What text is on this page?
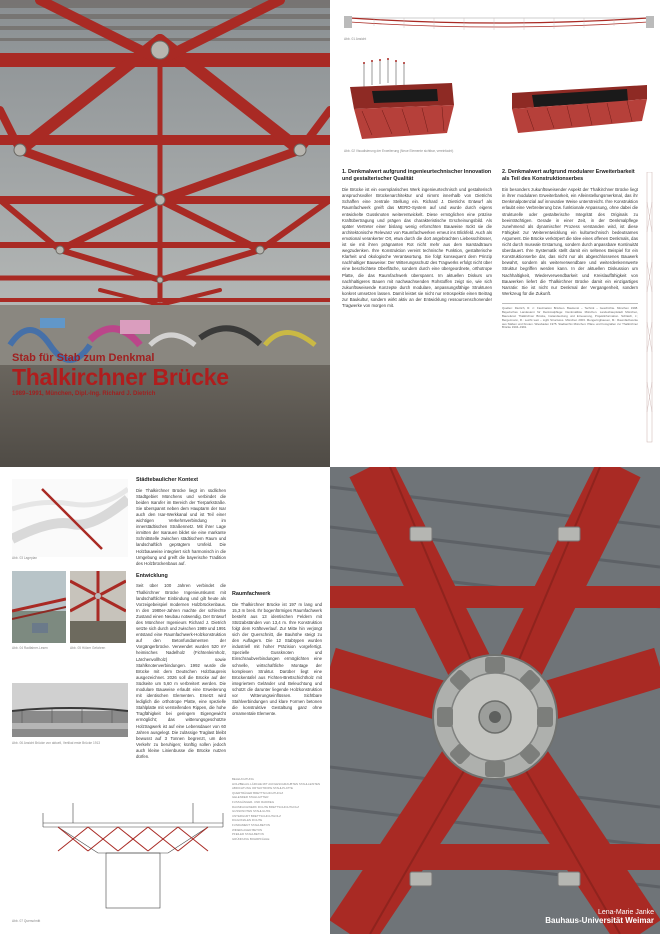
Stab für Stab zum Denkmal
Thalkirchner Brücke
1989–1991, München, Dipl.-Ing. Richard J. Dietrich
Abb. 01 Ansicht
Abb. 02 Visualisierung der Erweiterung (Neue Elemente sichtbar, vereinfacht)
1. Denkmalwert aufgrund ingenieurtechnischer Innovation und gestalterischer Qualität
Die Brücke ist ein exemplarisches Werk ingenieurtechnisch und gestalterisch anspruchsvoller Brückenarchitektur und nimmt innerhalb von Dietrichs Schaffen eine zentrale Stellung ein. Richard J. Dietrichs Entwurf als Raumfachwerk greift das MERO-System auf und wurde durch eigens entwickelte Gussknoten weiterentwickelt. Diese ermöglichen eine präzise Kraftübertragung und prägen das charakteristische Erscheinungsbild. Als später Vertreter einer bislang wenig erforschten Bauweise rückt sie die architektonische Relevanz von Raumfachwerken erneut ins Blickfeld. Auch als emotional verankerter Ort, etwa durch die dort angebrachten Liebesschlösser, ist sie mit ihren prägnanten Rot nicht mehr aus dem Isarstadtraum wegzudenken. Ihre Konstruktion vereint technische Funktion, gestalterische Klarheit und ökologische Verantwortung. Sie folgt konsequent dem Prinzip nachhaltiger Bauweise: Der Witterungsschutz des Tragwerks erfolgt nicht über eine beschichtete Oberfläche, sondern durch eine übergeordnete, orthotrope Platte, die das Raumfachwerk überspannt. Im aktuellen Diskurs um nachhaltigeres Bauen mit nachwachsenden Rohstoffen zeigt sie, wie sich zukunftsweisende Konzepte durch modulare, anpassungsfähige Strukturen konkret umsetzen lassen. Damit leistet sie nicht nur retrospektiv einen Beitrag zur Baukultur, sondern wirkt aktiv an der Entwicklung ressourcenschonender Tragwerke von morgen mit.
2. Denkmalwert aufgrund modularer Erweiterbarkeit als Teil des Konstruktionserbes
Ein besonders zukunftsweisender Aspekt der Thalkirchner Brücke liegt in ihrer modularen Erweiterbarkeit, ein Alleinstellungsmerkmal, das ihr Denkmalpotenzial auf innovative Weise unterstreicht. Ihre Konstruktion erlaubt eine Verbreiterung bzw. funktionale Anpassung, ohne dabei die strukturelle oder gestalterische Integrität des Originals zu beeinträchtigen. Gerade in einer Zeit, in der Denkmalpflege zunehmend als dynamischer Prozess verstanden wird, ist diese Fähigkeit zur Weiterentwicklung ein kulturtechnisch bedeutsames Argument. Die Brücke verkörpert die Idee eines offenen Denkmals, das nicht durch museale Erstarrung, sondern durch anpassbare Kontinuität überdauert. Ihre Systematik stellt damit ein seltenes Beispiel für ein Konstruktionserbe dar, das nicht nur als abgeschlossenes Bauwerk bewahrt, sondern als weiterverwendbare und weiterdenkenswerte Struktur begriffen werden kann. In der aktuellen Diskussion um Nachhaltigkeit, Wiederverwendbarkeit und Kreislauffähigkeit von Bauwerken liefert die Thalkirchner Brücke damit ein einzigartiges Narrativ: Sie ist nicht nur Denkmal der Vergangenheit, sondern Werkzeug für die Zukunft.
Quellen: Dietrich, R. J.: Faszination Brücken. Baukunst – Technik – Geschichte. München 1998. Bayerisches Landesamt für Denkmalpflege: Denkmalliste München. Landeshauptstadt München, Baureferat: Thalkirchner Brücke, Instandsetzung und Erneuerung, Projektinformation. Schlaich, J.; Bergermann, R.: Leicht weit – Light Structures. München 2003. Mengeringhausen, M.: Raumfachwerke aus Stäben und Knoten. Wiesbaden 1975. Stadtarchiv München: Pläne und Fotografien zur Thalkirchner Brücke 1904–1991.
Abb. 03 Lageplan
Abb. 04 Radfahrer-Lesen	Abb. 05 Hölzer Gefahren
Abb. 06 Ansicht Brücke von aktuell, Vertikal erste Brücke 1913
Städtebaulicher Kontext
Die Thalkirchner Brücke liegt im südlichen Stadtgebiet Münchens und verbindet die beiden Isarufer im Bereich der Tierparkstraße. Sie überspannt neben dem Hauptarm der Isar auch den Isar-Werkkanal und ist Teil einer wichtigen Verkehrsverbindung im innerstädtischen Straßennetz. Mit ihrer Lage inmitten der Isarauen bildet sie eine markante Schnittstelle zwischen städtischem Raum und landschaftlich geprägtem Umfeld. Die Holzbauweise integriert sich harmonisch in die Umgebung und greift die bayerische Tradition des Holzbrückenbaus auf.
Entwicklung
Seit über 100 Jahren verbindet die Thalkirchner Brücke Ingenieurskunst mit landschaftlicher Einbindung und gilt heute als Vorzeigebeispiel modernen Holzbrückenbaus. In den 1980er-Jahren machte der schlechte Zustand einen Neubau notwendig. Der Entwurf des Münchner Ingenieurs Richard J. Dietrich setzte sich durch und zwischen 1989 und 1991 entstand eine Raumfachwerk-Holzkonstruktion auf den Betonfundamenten der Vorgängerbrücke. Verwendet wurden 520 m³ heimisches Nadelholz (Fichtenleimholz, Lärchenvollholz) sowie Stahlknotenverbindungen. 1992 wurde die Brücke mit dem Deutschen Holzbaupreis ausgezeichnet. 2026 soll die Brücke auf der Südseite um 5,60 m verbreitert werden. Die modulare Bauweise erlaubt eine Erweiterung mit identischen Elementen. Ersetzt wird lediglich die orthotrope Platte, eine spezielle Stahlplatte mit versteifenden Rippen, die hohe Tragfähigkeit bei geringem Eigengewicht ermöglicht; das witterungsgeschützte Holztragwerk ist auf eine Lebensdauer von 60 Jahren ausgelegt. Die zulässige Traglast bleibt bewusst auf 3 Tonnen begrenzt, um den Verkehr zu beruhigen; künftig sollen jedoch auch kleine Linienbusse die Brücke nutzen dürfen.
Raumfachwerk
Die Thalkirchner Brücke ist 197 m lang und 15,3 m breit. Ihr bogenförmiges Raumfachwerk besteht aus 13 identischen Feldern mit Stützabständen von 13,4 m. Ihre Konstruktion folgt dem Kräfteverlauf. Zur Mitte hin verjüngt sich der Querschnitt, die Bauhöhe steigt zu den Auflagern. Die 12 Stabtypen wurden industriell mit hoher Präzision vorgefertigt. Spezielle Gussknoten und Einschraubverbindungen ermöglichten eine schnelle, wirtschaftliche Montage der komplexen Struktur. Darüber liegt eine Brückentafel aus Fichten-Brettschichtholz mit integriertem Geländer und Beleuchtung und schützt die darunter liegende Holzkonstruktion vor Witterungseinflüssen. Sichtbare Stahlverbindungen und klare Formen betonen die konstruktive Gestaltung ganz ohne ornamentale Elemente.
Abb. 07 Querschnitt
BELEUCHTUNG
HOLZBELAG LÄRCHE MIT AUFGESCHRAUBTEN STAHLLEISTEN
ABDICHTUNG ORTHOTROPE STAHLPLATTE
QUERTRÄGER BRETTSCHICHTHOLZ
GELENDER STAHLGITTER
FUSSGÄNGER- UND RADWEG
RAUMFACHWERK FICHTE BRETTSCHICHTHOLZ
GUSSKNOTEN STAHLGUSS
UNTERGURT BRETTSCHICHTHOLZ
DIAGONALEN FICHTE
FUNDAMENT STAHLBETON
WIDERLAGER BETON
PFEILER STAHLBETON
GRÜNDUNG BOHRPFÄHLE
Lena-Marie Janke
Bauhaus-Universität Weimar
